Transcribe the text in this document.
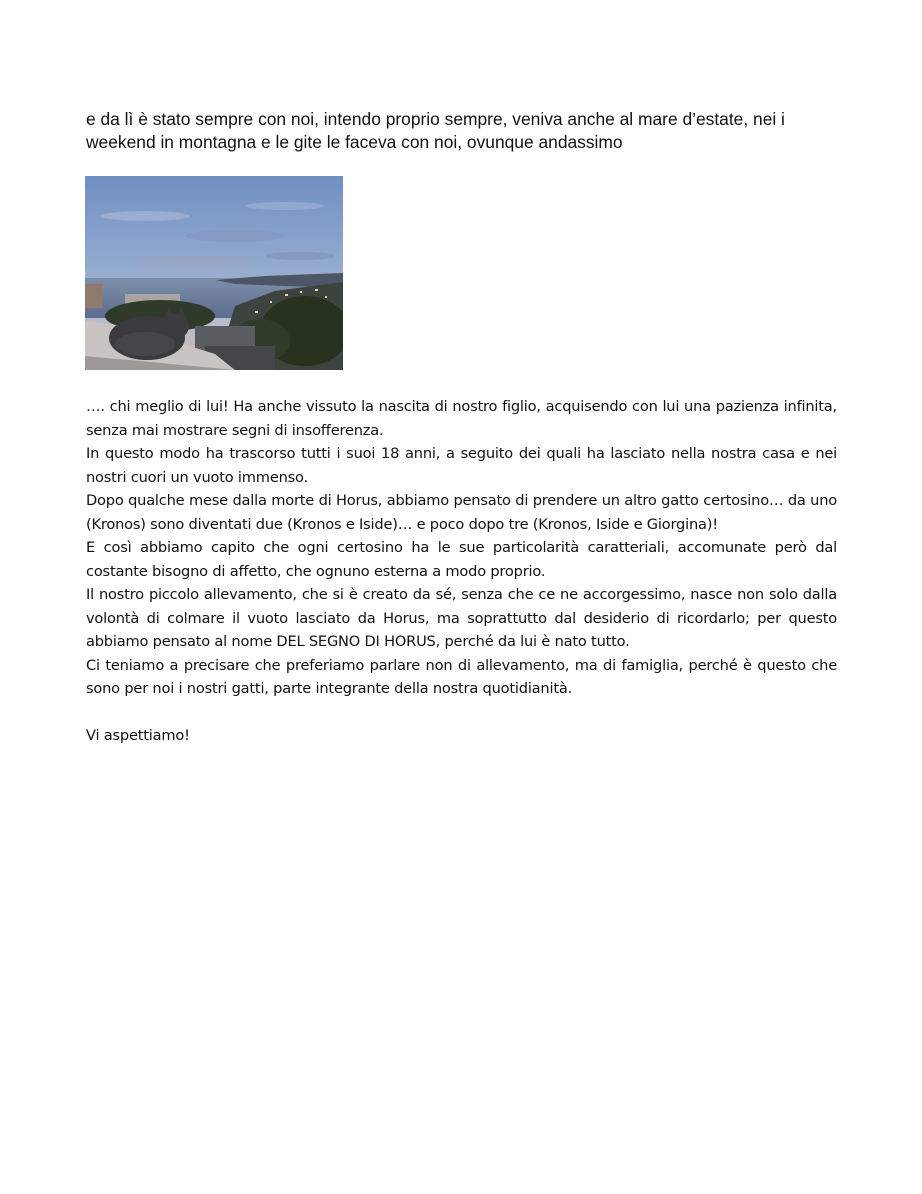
e da lì è stato sempre con noi, intendo proprio sempre, veniva anche al mare d’estate, nei i weekend in montagna e le gite le faceva con noi, ovunque andassimo

…. chi meglio di lui! Ha anche vissuto la nascita di nostro figlio, acquisendo con lui una pazienza infinita, senza mai mostrare segni di insofferenza.

In questo modo ha trascorso tutti i suoi 18 anni, a seguito dei quali ha lasciato nella nostra casa e nei nostri cuori un vuoto immenso.

Dopo qualche mese dalla morte di Horus, abbiamo pensato di prendere un altro gatto certosino… da uno (Kronos) sono diventati due (Kronos e Iside)… e poco dopo tre (Kronos, Iside e Giorgina)!

E così abbiamo capito che ogni certosino ha le sue particolarità caratteriali, accomunate però dal costante bisogno di affetto, che ognuno esterna a modo proprio.

Il nostro piccolo allevamento, che si è creato da sé, senza che ce ne accorgessimo, nasce non solo dalla volontà di colmare il vuoto lasciato da Horus, ma soprattutto dal desiderio di ricordarlo; per questo abbiamo pensato al nome DEL SEGNO DI HORUS, perché da lui è nato tutto.

Ci teniamo a precisare che preferiamo parlare non di allevamento, ma di famiglia, perché è questo che sono per noi i nostri gatti, parte integrante della nostra quotidianità.

Vi aspettiamo!
